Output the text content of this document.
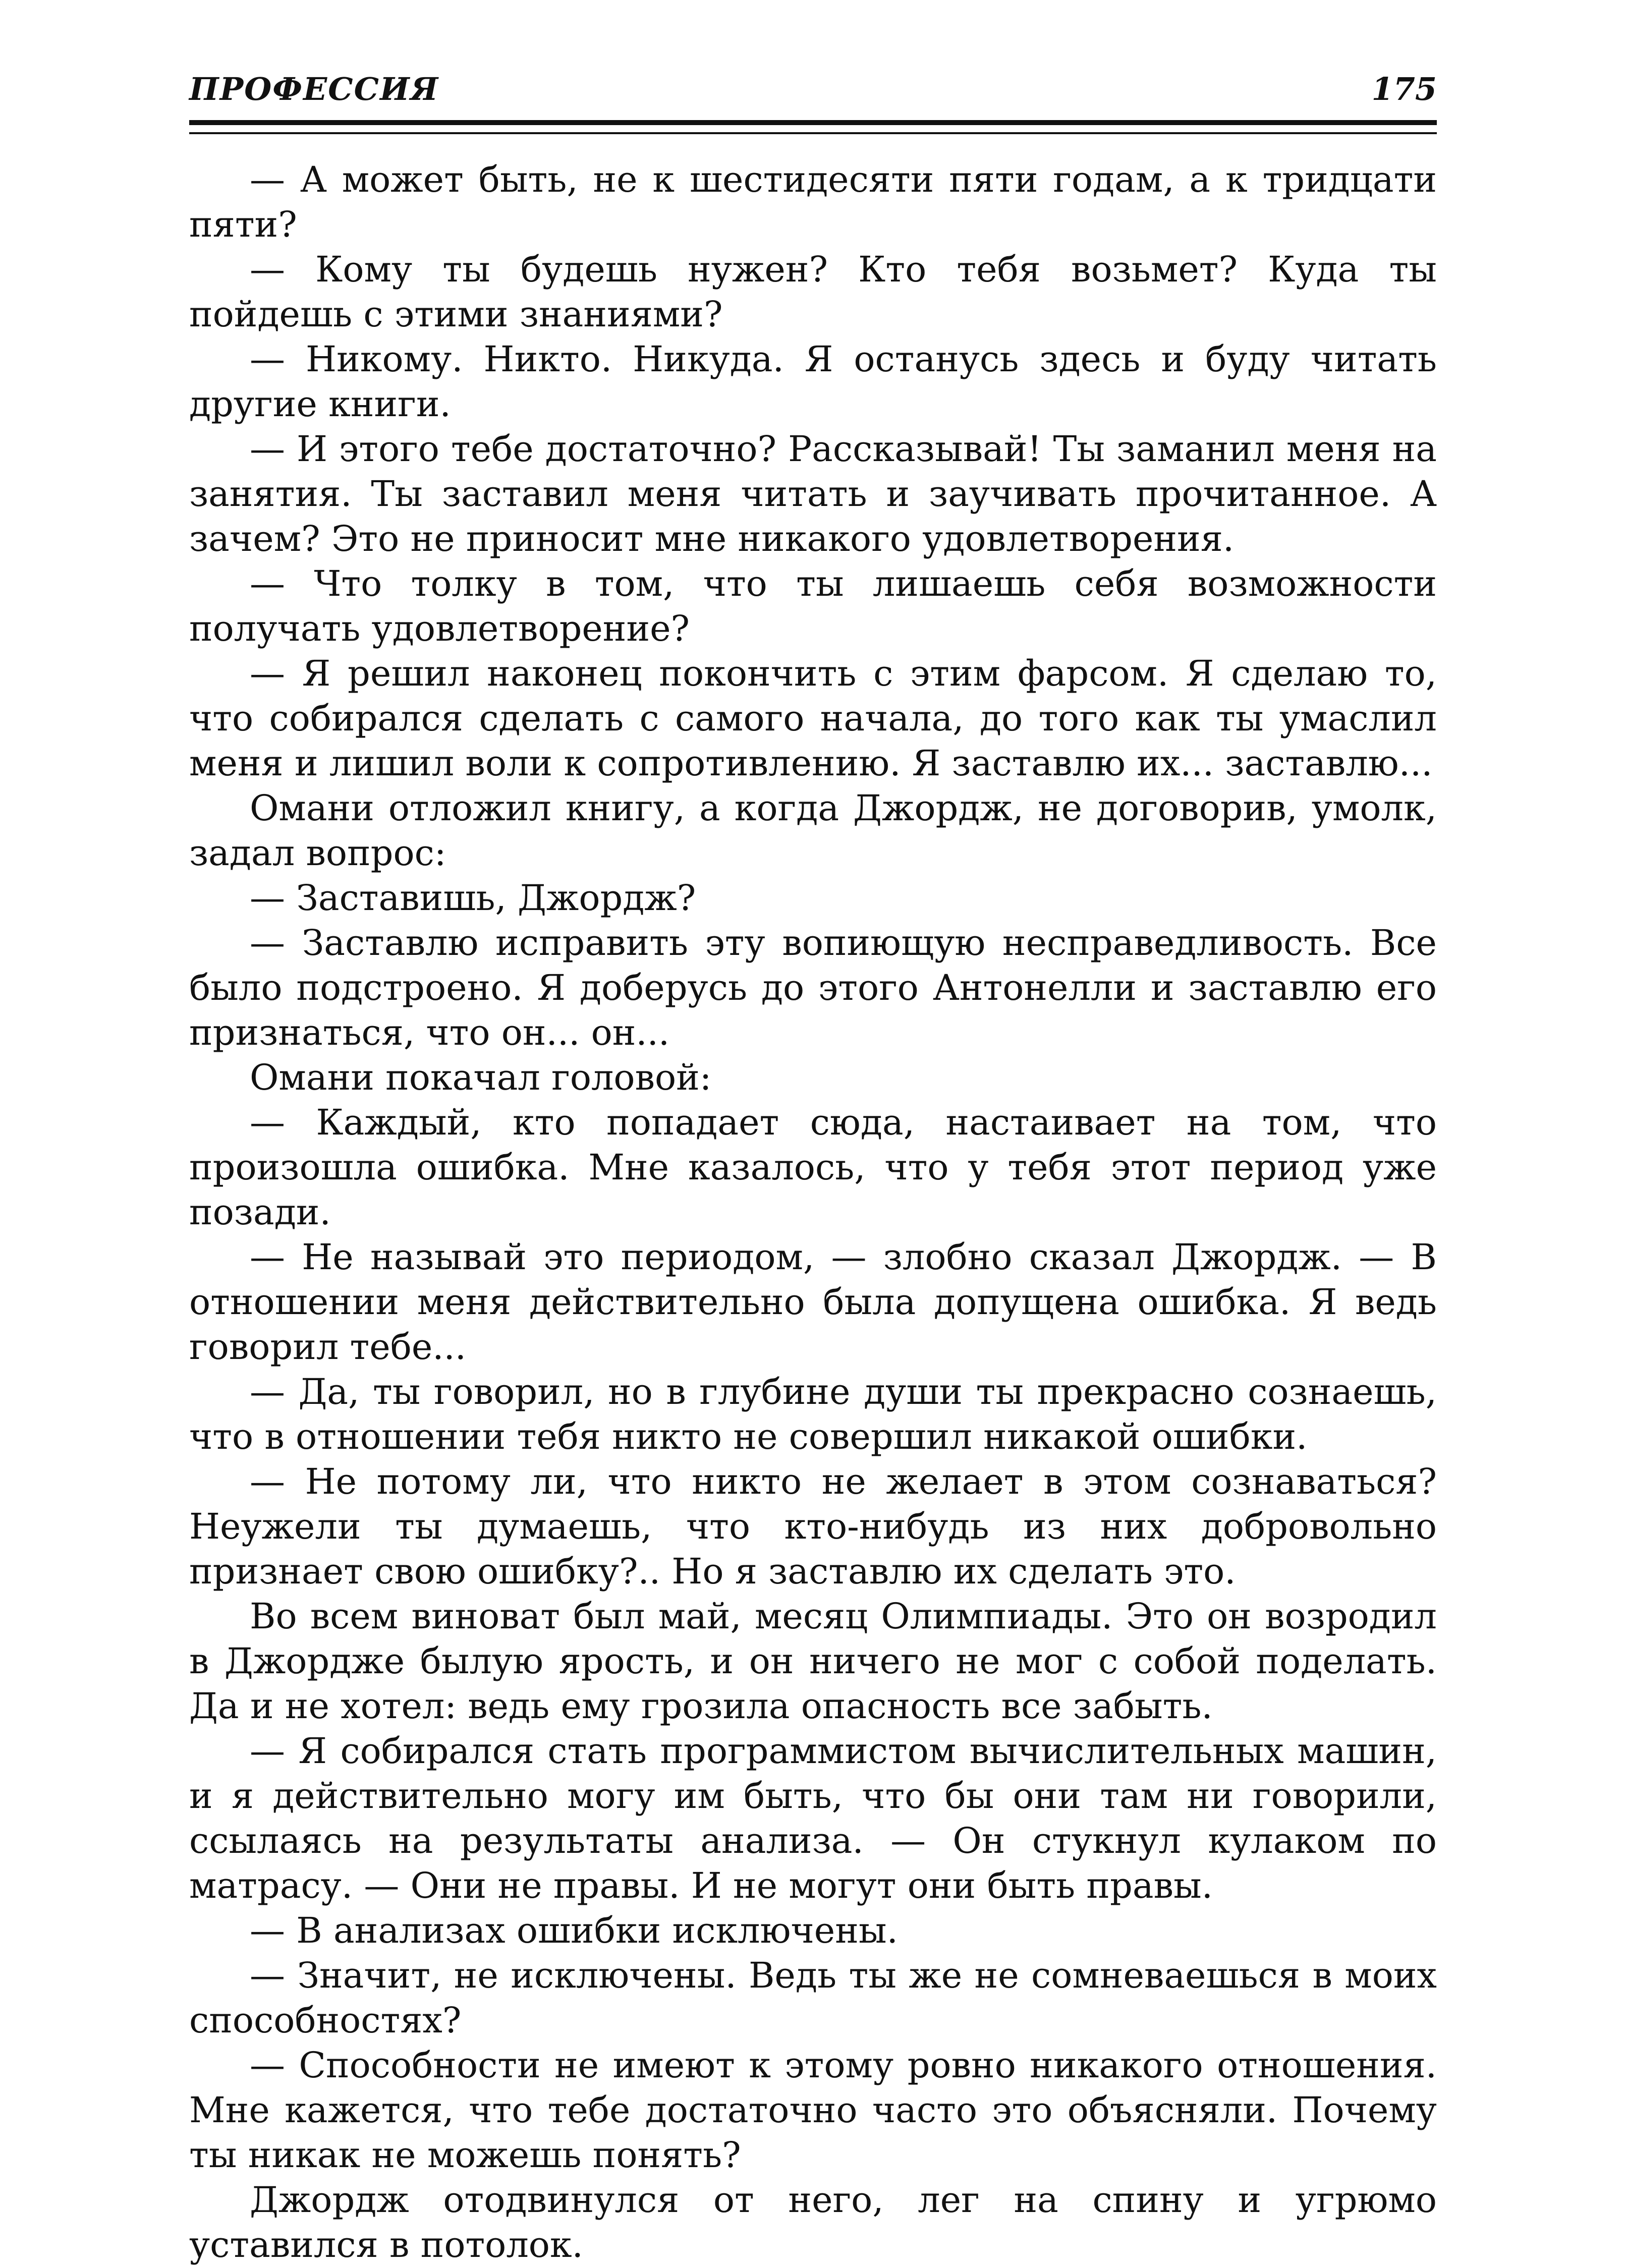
ПРОФЕССИЯ	175

— А может быть, не к шестидесяти пяти годам, а к тридцати пяти?

— Кому ты будешь нужен? Кто тебя возьмет? Куда ты пойдешь с этими знаниями?

— Никому. Никто. Никуда. Я останусь здесь и буду читать другие книги.

— И этого тебе достаточно? Рассказывай! Ты заманил меня на занятия. Ты заставил меня читать и заучивать прочитанное. А зачем? Это не приносит мне никакого удовлетворения.

— Что толку в том, что ты лишаешь себя возможности получать удовлетворение?

— Я решил наконец покончить с этим фарсом. Я сделаю то, что собирался сделать с самого начала, до того как ты умаслил меня и лишил воли к сопротивлению. Я заставлю их... заставлю...

Омани отложил книгу, а когда Джордж, не договорив, умолк, задал вопрос:

— Заставишь, Джордж?

— Заставлю исправить эту вопиющую несправедливость. Все было подстроено. Я доберусь до этого Антонелли и заставлю его признаться, что он... он...

Омани покачал головой:

— Каждый, кто попадает сюда, настаивает на том, что произошла ошибка. Мне казалось, что у тебя этот период уже позади.

— Не называй это периодом, — злобно сказал Джордж. — В отношении меня действительно была допущена ошибка. Я ведь говорил тебе...

— Да, ты говорил, но в глубине души ты прекрасно сознаешь, что в отношении тебя никто не совершил никакой ошибки.

— Не потому ли, что никто не желает в этом сознаваться? Неужели ты думаешь, что кто-нибудь из них добровольно признает свою ошибку?.. Но я заставлю их сделать это.

Во всем виноват был май, месяц Олимпиады. Это он возродил в Джордже былую ярость, и он ничего не мог с собой поделать. Да и не хотел: ведь ему грозила опасность все забыть.

— Я собирался стать программистом вычислительных машин, и я действительно могу им быть, что бы они там ни говорили, ссылаясь на результаты анализа. — Он стукнул кулаком по матрасу. — Они не правы. И не могут они быть правы.

— В анализах ошибки исключены.

— Значит, не исключены. Ведь ты же не сомневаешься в моих способностях?

— Способности не имеют к этому ровно никакого отношения. Мне кажется, что тебе достаточно часто это объясняли. Почему ты никак не можешь понять?

Джордж отодвинулся от него, лег на спину и угрюмо уставился в потолок.
